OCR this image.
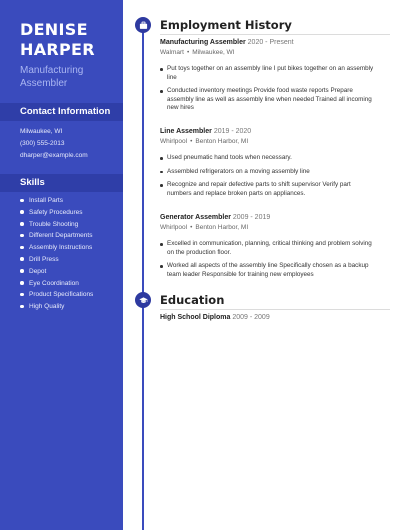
DENISE
HARPER
Manufacturing Assembler
Contact Information
Milwaukee, WI
(300) 555-2013
dharper@example.com
Skills
Install Parts
Safety Procedures
Trouble Shooting
Different Departments
Assembly Instructions
Drill Press
Depot
Eye Coordination
Product Specifications
High Quality
Employment History
Manufacturing Assembler 2020 - Present
Walmart • Milwaukee, WI
Put toys together on an assembly line I put bikes together on an assembly line
Conducted inventory meetings Provide food waste reports Prepare assembly line as well as assembly line when needed Trained all incoming new hires
Line Assembler 2019 - 2020
Whirlpool • Benton Harbor, MI
Used pneumatic hand tools when necessary.
Assembled refrigerators on a moving assembly line
Recognize and repair defective parts to shift supervisor Verify part numbers and replace broken parts on appliances.
Generator Assembler 2009 - 2019
Whirlpool • Benton Harbor, MI
Excelled in communication, planning, critical thinking and problem solving on the production floor.
Worked all aspects of the assembly line Specifically chosen as a backup team leader Responsible for training new employees
Education
High School Diploma 2009 - 2009
